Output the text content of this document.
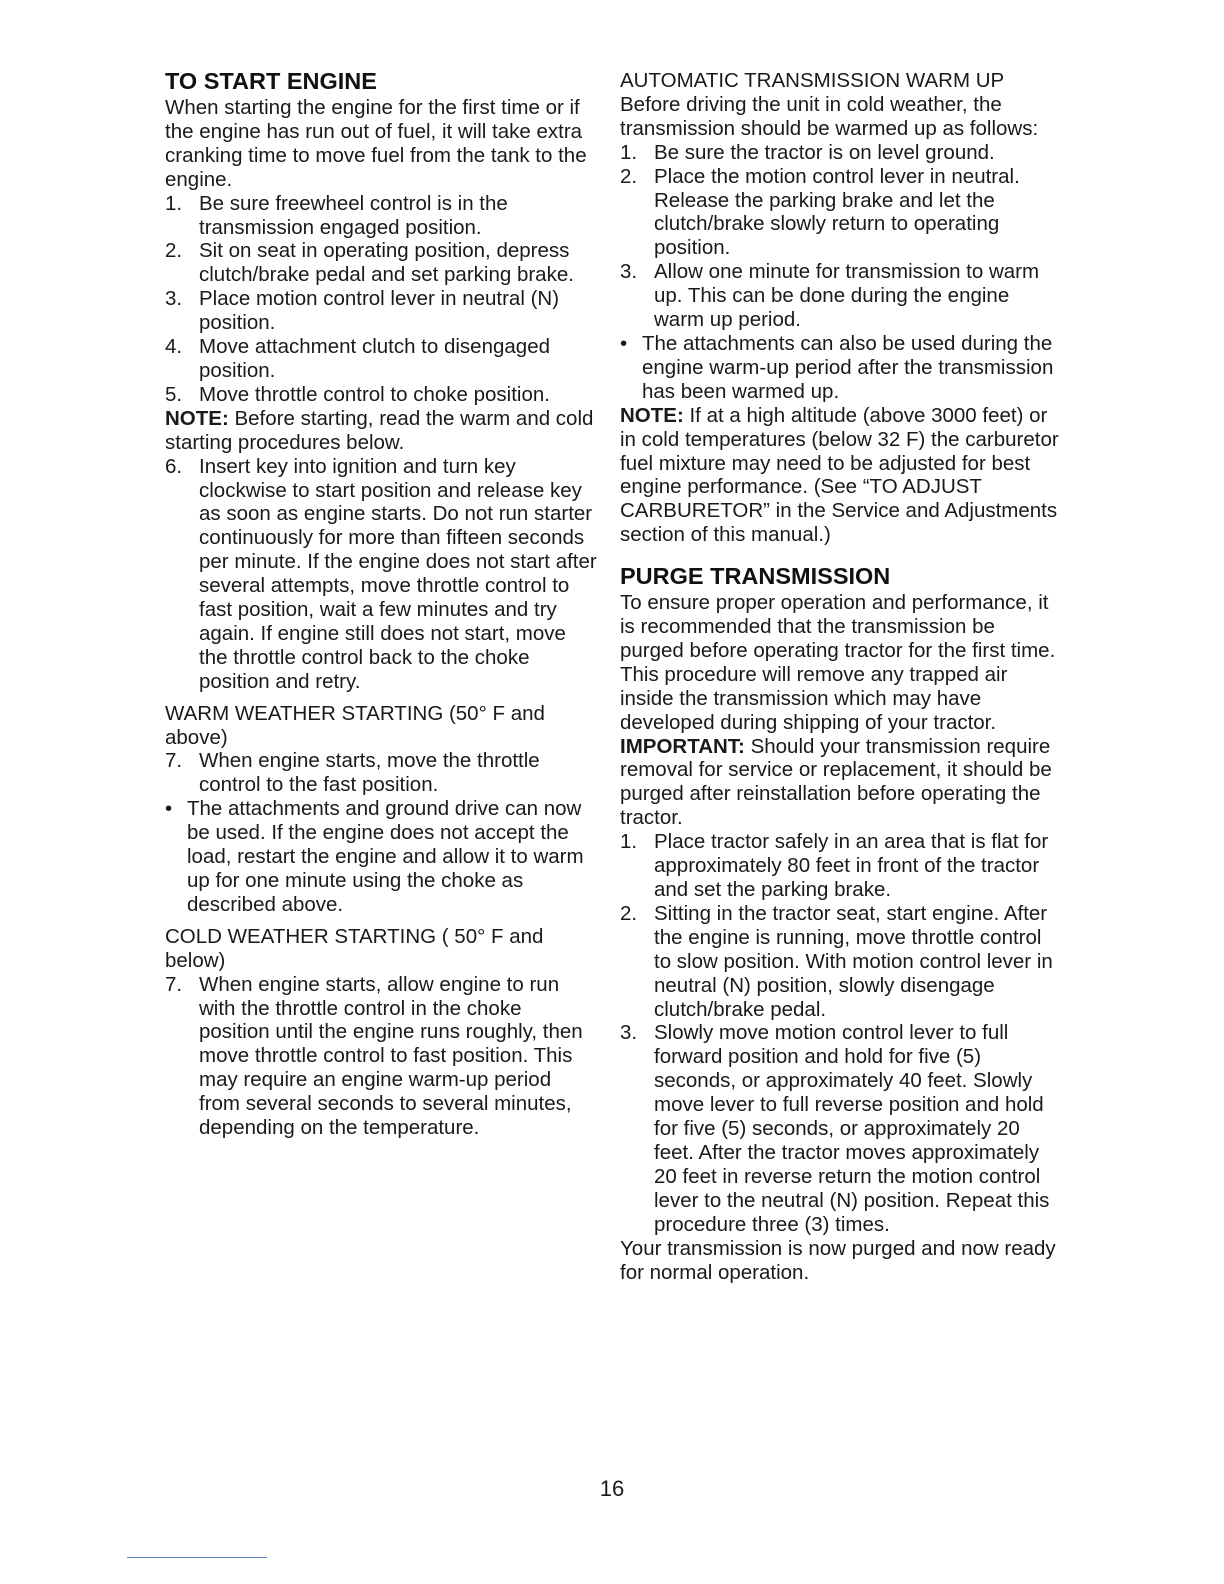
TO START ENGINE

When starting the engine for the first time or if the engine has run out of fuel, it will take extra cranking time to move fuel from the tank to the engine.

1. Be sure freewheel control is in the transmission engaged position.
2. Sit on seat in operating position, depress clutch/brake pedal and set parking brake.
3. Place motion control lever in neutral (N) position.
4. Move attachment clutch to disengaged position.
5. Move throttle control to choke position.

NOTE: Before starting, read the warm and cold starting procedures below.

6. Insert key into ignition and turn key clockwise to start position and release key as soon as engine starts. Do not run starter continuously for more than fifteen seconds per minute. If the engine does not start after several attempts, move throttle control to fast position, wait a few minutes and try again. If engine still does not start, move the throttle control back to the choke position and retry.

WARM WEATHER STARTING (50° F and above)

7. When engine starts, move the throttle control to the fast position.
• The attachments and ground drive can now be used. If the engine does not accept the load, restart the engine and allow it to warm up for one minute using the choke as described above.

COLD WEATHER STARTING ( 50° F and below)

7. When engine starts, allow engine to run with the throttle control in the choke position until the engine runs roughly, then move throttle control to fast position. This may require an engine warm-up period from several seconds to several minutes, depending on the temperature.

AUTOMATIC TRANSMISSION WARM UP

Before driving the unit in cold weather, the transmission should be warmed up as follows:

1. Be sure the tractor is on level ground.
2. Place the motion control lever in neutral. Release the parking brake and let the clutch/brake slowly return to operating position.
3. Allow one minute for transmission to warm up. This can be done during the engine warm up period.
• The attachments can also be used during the engine warm-up period after the transmission has been warmed up.

NOTE: If at a high altitude (above 3000 feet) or in cold temperatures (below 32 F) the carburetor fuel mixture may need to be adjusted for best engine performance. (See “TO ADJUST CARBURETOR” in the Service and Adjustments section of this manual.)

PURGE TRANSMISSION

To ensure proper operation and performance, it is recommended that the transmission be purged before operating tractor for the first time. This procedure will remove any trapped air inside the transmission which may have developed during shipping of your tractor.

IMPORTANT: Should your transmission require removal for service or replacement, it should be purged after reinstallation before operating the tractor.

1. Place tractor safely in an area that is flat for approximately 80 feet in front of the tractor and set the parking brake.
2. Sitting in the tractor seat, start engine. After the engine is running, move throttle control to slow position. With motion control lever in neutral (N) position, slowly disengage clutch/brake pedal.
3. Slowly move motion control lever to full forward position and hold for five (5) seconds, or approximately 40 feet. Slowly move lever to full reverse position and hold for five (5) seconds, or approximately 20 feet. After the tractor moves approximately 20 feet in reverse return the motion control lever to the neutral (N) position. Repeat this procedure three (3) times.

Your transmission is now purged and now ready for normal operation.

16
